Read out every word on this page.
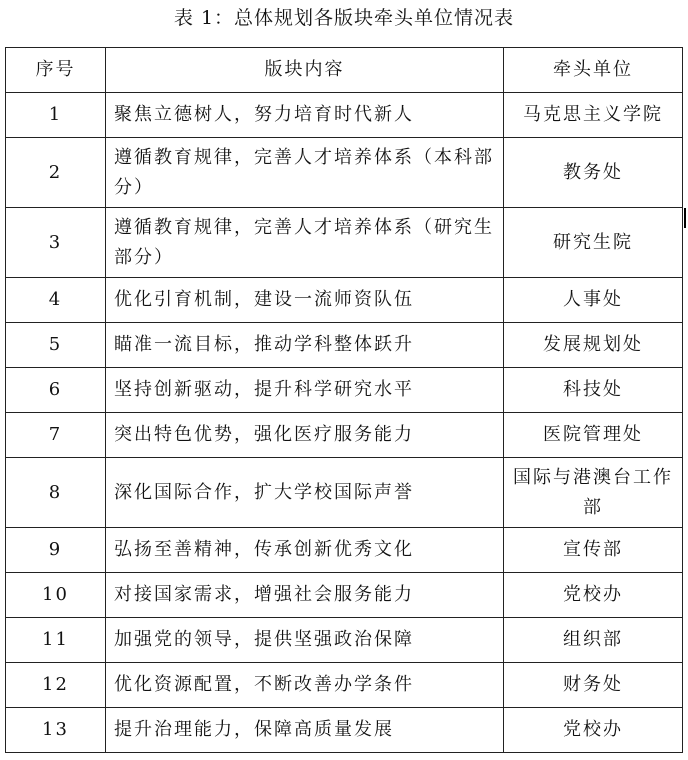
表 1：总体规划各版块牵头单位情况表
序号	版块内容	牵头单位
1	聚焦立德树人，努力培育时代新人	马克思主义学院
2	遵循教育规律，完善人才培养体系（本科部分）	教务处
3	遵循教育规律，完善人才培养体系（研究生部分）	研究生院
4	优化引育机制，建设一流师资队伍	人事处
5	瞄准一流目标，推动学科整体跃升	发展规划处
6	坚持创新驱动，提升科学研究水平	科技处
7	突出特色优势，强化医疗服务能力	医院管理处
8	深化国际合作，扩大学校国际声誉	国际与港澳台工作部
9	弘扬至善精神，传承创新优秀文化	宣传部
10	对接国家需求，增强社会服务能力	党校办
11	加强党的领导，提供坚强政治保障	组织部
12	优化资源配置，不断改善办学条件	财务处
13	提升治理能力，保障高质量发展	党校办
